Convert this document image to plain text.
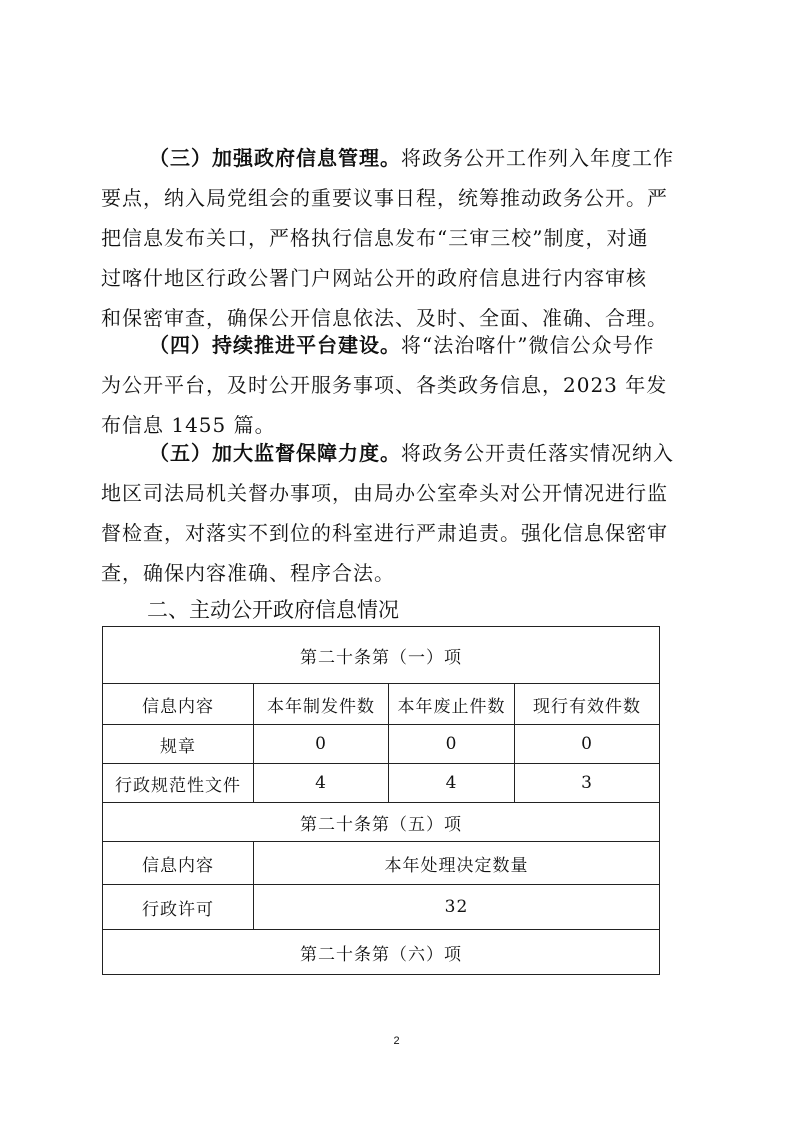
（三）加强政府信息管理。将政务公开工作列入年度工作
要点，纳入局党组会的重要议事日程，统筹推动政务公开。严
把信息发布关口，严格执行信息发布“三审三校”制度，对通
过喀什地区行政公署门户网站公开的政府信息进行内容审核
和保密审查，确保公开信息依法、及时、全面、准确、合理。
（四）持续推进平台建设。将“法治喀什”微信公众号作
为公开平台，及时公开服务事项、各类政务信息，2023 年发
布信息 1455 篇。
（五）加大监督保障力度。将政务公开责任落实情况纳入
地区司法局机关督办事项，由局办公室牵头对公开情况进行监
督检查，对落实不到位的科室进行严肃追责。强化信息保密审
查，确保内容准确、程序合法。
二、主动公开政府信息情况
第二十条第（一）项			
信息内容	本年制发件数	本年废止件数	现行有效件数
规章	0	0	0
行政规范性文件	4	4	3
第二十条第（五）项			
信息内容	本年处理决定数量		
行政许可	32		
第二十条第（六）项			
2
